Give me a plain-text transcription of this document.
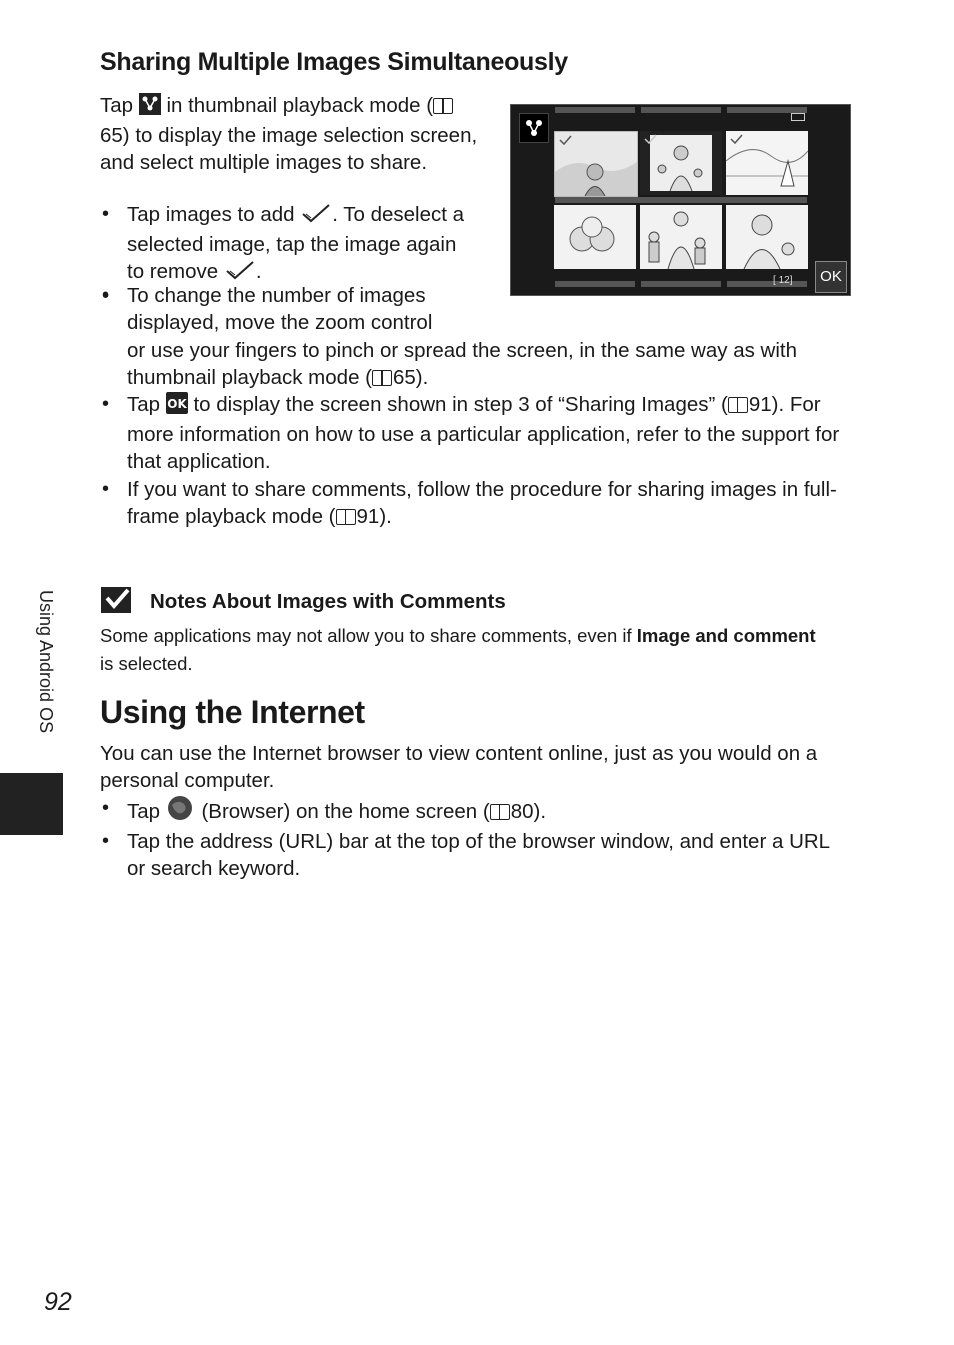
Sharing Multiple Images Simultaneously
Tap  in thumbnail playback mode (65) to display the image selection screen, and select multiple images to share.
• Tap images to add . To deselect a selected image, tap the image again to remove .
• To change the number of images displayed, move the zoom control
or use your fingers to pinch or spread the screen, in the same way as with thumbnail playback mode ( 65).
• Tap OK to display the screen shown in step 3 of “Sharing Images” ( 91). For more information on how to use a particular application, refer to the support for that application.
• If you want to share comments, follow the procedure for sharing images in full-frame playback mode ( 91).
[ 12]	OK
Using Android OS	Notes About Images with Comments
Some applications may not allow you to share comments, even if Image and comment is selected.
Using the Internet
You can use the Internet browser to view content online, just as you would on a personal computer.
• Tap  (Browser) on the home screen ( 80).
• Tap the address (URL) bar at the top of the browser window, and enter a URL or search keyword.
92
